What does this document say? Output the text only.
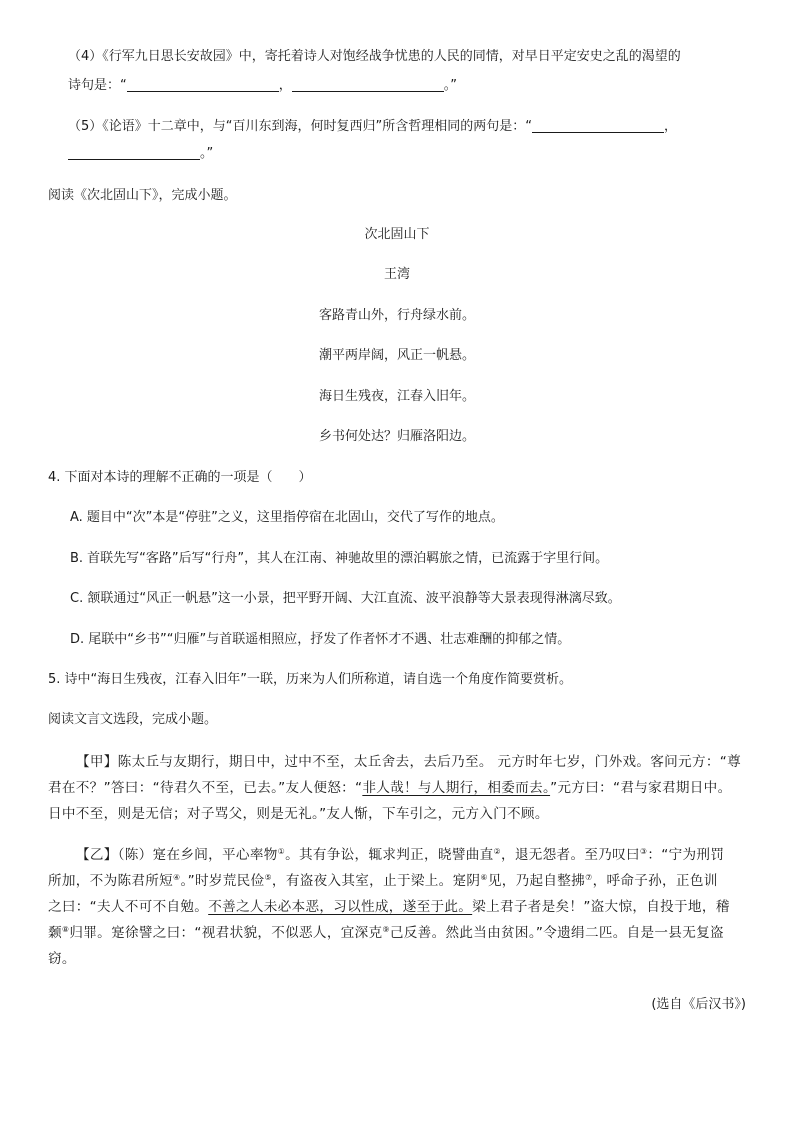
（4）《行军九日思长安故园》中，寄托着诗人对饱经战争忧患的人民的同情，对早日平定安史之乱的渴望的
诗句是：“	，	。”
（5）《论语》十二章中，与“百川东到海，何时复西归”所含哲理相同的两句是：“	，
。”
阅读《次北固山下》，完成小题。
次北固山下
王湾
客路青山外，行舟绿水前。
潮平两岸阔，风正一帆悬。
海日生残夜，江春入旧年。
乡书何处达？归雁洛阳边。
4. 下面对本诗的理解不正确的一项是（　　）
A. 题目中“次”本是“停驻”之义，这里指停宿在北固山，交代了写作的地点。
B. 首联先写“客路”后写“行舟”，其人在江南、神驰故里的漂泊羁旅之情，已流露于字里行间。
C. 颔联通过“风正一帆悬”这一小景，把平野开阔、大江直流、波平浪静等大景表现得淋漓尽致。
D. 尾联中“乡书”“归雁”与首联遥相照应，抒发了作者怀才不遇、壮志难酬的抑郁之情。
5. 诗中“海日生残夜，江春入旧年”一联，历来为人们所称道，请自选一个角度作简要赏析。
阅读文言文选段，完成小题。
【甲】陈太丘与友期行，期日中，过中不至，太丘舍去，去后乃至。 元方时年七岁，门外戏。客问元方：“尊
君在不？”答曰：“待君久不至，已去。”友人便怒：“非人哉！与人期行，相委而去。”元方曰：“君与家君期日中。
日中不至，则是无信；对子骂父，则是无礼。”友人惭，下车引之，元方入门不顾。
【乙】（陈）寔在乡闾，平心率物①。其有争讼，辄求判正，晓譬曲直②，退无怨者。至乃叹曰③：“宁为刑罚
所加，不为陈君所短④。”时岁荒民俭⑤，有盗夜入其室，止于梁上。寔阴⑥见，乃起自整拂⑦，呼命子孙，正色训
之曰：“夫人不可不自勉。不善之人未必本恶，习以性成，遂至于此。梁上君子者是矣！”盗大惊，自投于地，稽
颡⑧归罪。寔徐譬之曰：“视君状貌，不似恶人，宜深克⑨己反善。然此当由贫困。”令遗绢二匹。自是一县无复盗
窃。
(选自《后汉书》)
